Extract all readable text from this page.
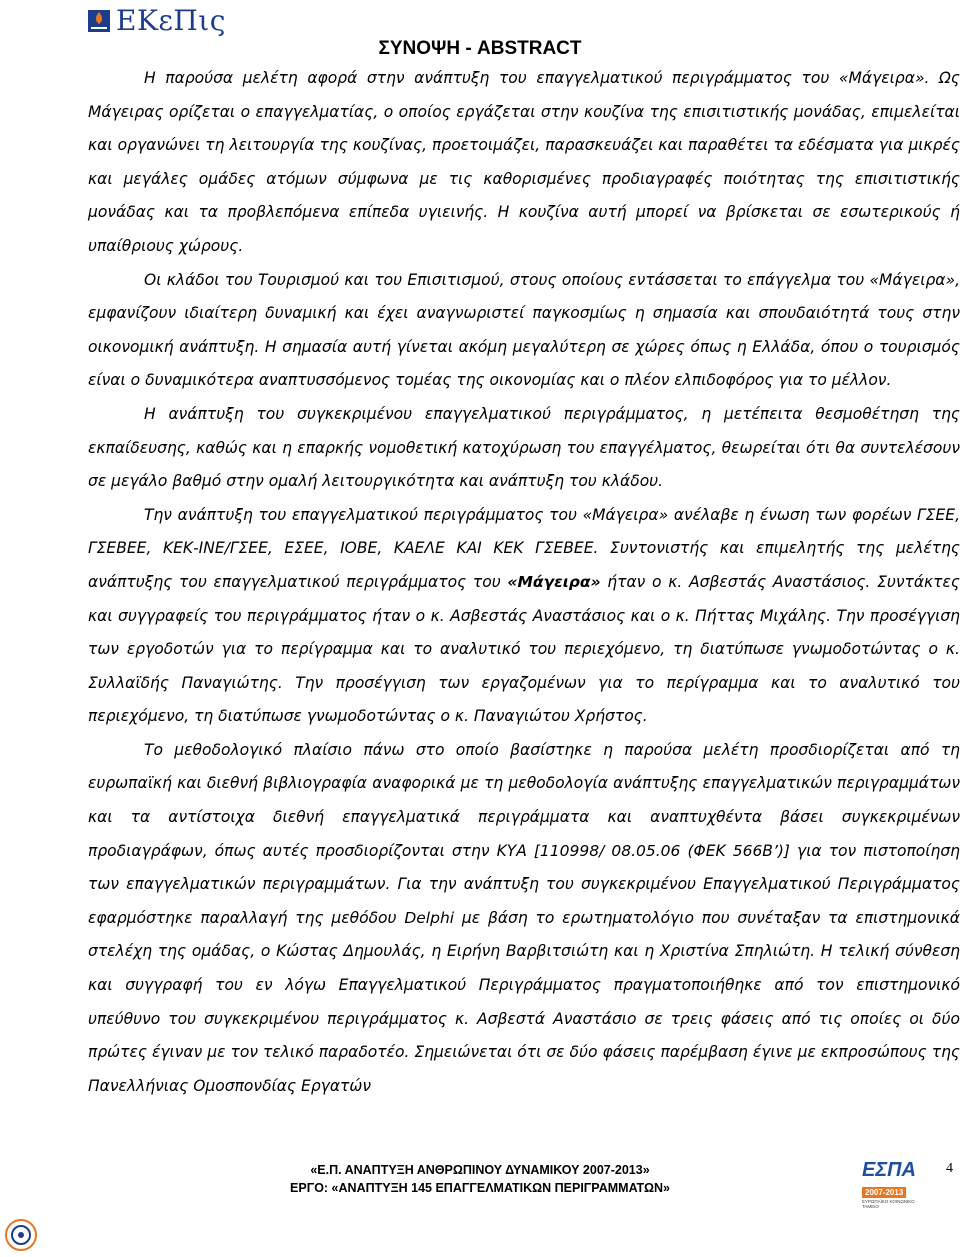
ΕΚεΠις
ΣΥΝΟΨΗ - ABSTRACT

Η παρούσα μελέτη αφορά στην ανάπτυξη του επαγγελματικού περιγράμματος του «Μάγειρα». Ως Μάγειρας ορίζεται ο επαγγελματίας, ο οποίος εργάζεται στην κουζίνα της επισιτιστικής μονάδας, επιμελείται και οργανώνει τη λειτουργία της κουζίνας, προετοιμάζει, παρασκευάζει και παραθέτει τα εδέσματα για μικρές και μεγάλες ομάδες ατόμων σύμφωνα με τις καθορισμένες προδιαγραφές ποιότητας της επισιτιστικής μονάδας και τα προβλεπόμενα επίπεδα υγιεινής. Η κουζίνα αυτή μπορεί να βρίσκεται σε εσωτερικούς ή υπαίθριους χώρους.

Οι κλάδοι του Τουρισμού και του Επισιτισμού, στους οποίους εντάσσεται το επάγγελμα του «Μάγειρα», εμφανίζουν ιδιαίτερη δυναμική και έχει αναγνωριστεί παγκοσμίως η σημασία και σπουδαιότητά τους στην οικονομική ανάπτυξη. Η σημασία αυτή γίνεται ακόμη μεγαλύτερη σε χώρες όπως η Ελλάδα, όπου ο τουρισμός είναι ο δυναμικότερα αναπτυσσόμενος τομέας της οικονομίας και ο πλέον ελπιδοφόρος για το μέλλον.

Η ανάπτυξη του συγκεκριμένου επαγγελματικού περιγράμματος, η μετέπειτα θεσμοθέτηση της εκπαίδευσης, καθώς και η επαρκής νομοθετική κατοχύρωση του επαγγέλματος, θεωρείται ότι θα συντελέσουν σε μεγάλο βαθμό στην ομαλή λειτουργικότητα και ανάπτυξη του κλάδου.

Την ανάπτυξη του επαγγελματικού περιγράμματος του «Μάγειρα» ανέλαβε η ένωση των φορέων ΓΣΕΕ, ΓΣΕΒΕΕ, ΚΕΚ-ΙΝΕ/ΓΣΕΕ, ΕΣΕΕ, ΙΟΒΕ, ΚΑΕΛΕ ΚΑΙ ΚΕΚ ΓΣΕΒΕΕ. Συντονιστής και επιμελητής της μελέτης ανάπτυξης του επαγγελματικού περιγράμματος του «Μάγειρα» ήταν ο κ. Ασβεστάς Αναστάσιος. Συντάκτες και συγγραφείς του περιγράμματος ήταν ο κ. Ασβεστάς Αναστάσιος και ο κ. Πήττας Μιχάλης. Την προσέγγιση των εργοδοτών για το περίγραμμα και το αναλυτικό του περιεχόμενο, τη διατύπωσε γνωμοδοτώντας ο κ. Συλλαϊδής Παναγιώτης. Την προσέγγιση των εργαζομένων για το περίγραμμα και το αναλυτικό του περιεχόμενο, τη διατύπωσε γνωμοδοτώντας ο κ. Παναγιώτου Χρήστος.

Το μεθοδολογικό πλαίσιο πάνω στο οποίο βασίστηκε η παρούσα μελέτη προσδιορίζεται από τη ευρωπαϊκή και διεθνή βιβλιογραφία αναφορικά με τη μεθοδολογία ανάπτυξης επαγγελματικών περιγραμμάτων και τα αντίστοιχα διεθνή επαγγελματικά περιγράμματα και αναπτυχθέντα βάσει συγκεκριμένων προδιαγράφων, όπως αυτές προσδιορίζονται στην ΚΥΑ [110998/ 08.05.06 (ΦΕΚ 566Β’)] για τον πιστοποίηση των επαγγελματικών περιγραμμάτων. Για την ανάπτυξη του συγκεκριμένου Επαγγελματικού Περιγράμματος εφαρμόστηκε παραλλαγή της μεθόδου Delphi με βάση το ερωτηματολόγιο που συνέταξαν τα επιστημονικά στελέχη της ομάδας, ο Κώστας Δημουλάς, η Ειρήνη Βαρβιτσιώτη και η Χριστίνα Σπηλιώτη. Η τελική σύνθεση και συγγραφή του εν λόγω Επαγγελματικού Περιγράμματος πραγματοποιήθηκε από τον επιστημονικό υπεύθυνο του συγκεκριμένου περιγράμματος κ. Ασβεστά Αναστάσιο σε τρεις φάσεις από τις οποίες οι δύο πρώτες έγιναν με τον τελικό παραδοτέο. Σημειώνεται ότι σε δύο φάσεις παρέμβαση έγινε με εκπροσώπους της Πανελλήνιας Ομοσπονδίας Εργατών

«Ε.Π. ΑΝΑΠΤΥΞΗ ΑΝΘΡΩΠΙΝΟΥ ΔΥΝΑΜΙΚΟΥ 2007-2013»
ΕΡΓΟ: «ΑΝΑΠΤΥΞΗ 145 ΕΠΑΓΓΕΛΜΑΤΙΚΩΝ ΠΕΡΙΓΡΑΜΜΑΤΩΝ»
ΕΣΠΑ
2007-2013
ΕΥΡΩΠΑΪΚΟ ΚΟΙΝΩΝΙΚΟ ΤΑΜΕΙΟ
4
